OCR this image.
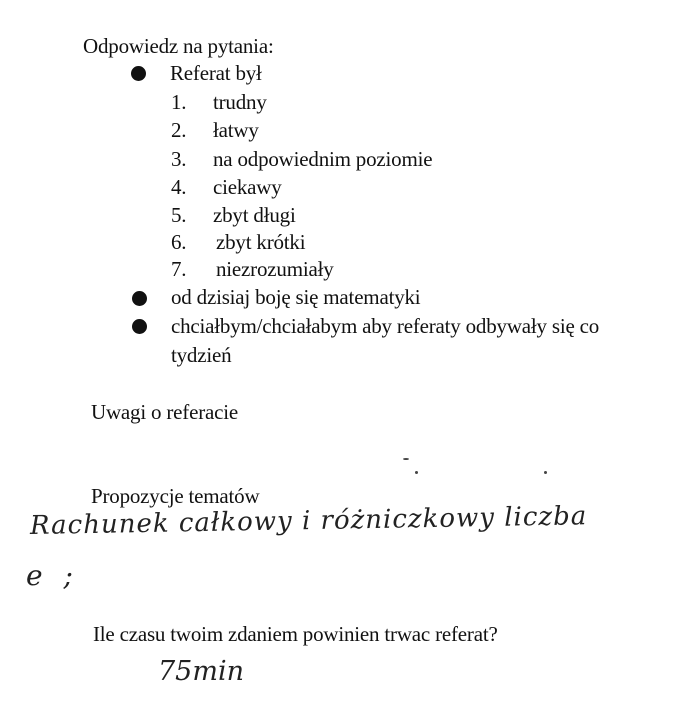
Odpowiedz na pytania:
Referat był
1.	trudny
2.	łatwy
3.	na odpowiednim poziomie
4.	ciekawy
5.	zbyt długi
6.	zbyt krótki
7.	niezrozumiały
od dzisiaj boję się matematyki
chciałbym/chciałabym aby referaty odbywały się co
tydzień
Uwagi o referacie
Propozycje tematów
Rachunek całkowy i różniczkowy liczba
e ;
Ile czasu twoim zdaniem powinien trwac referat?
75min
